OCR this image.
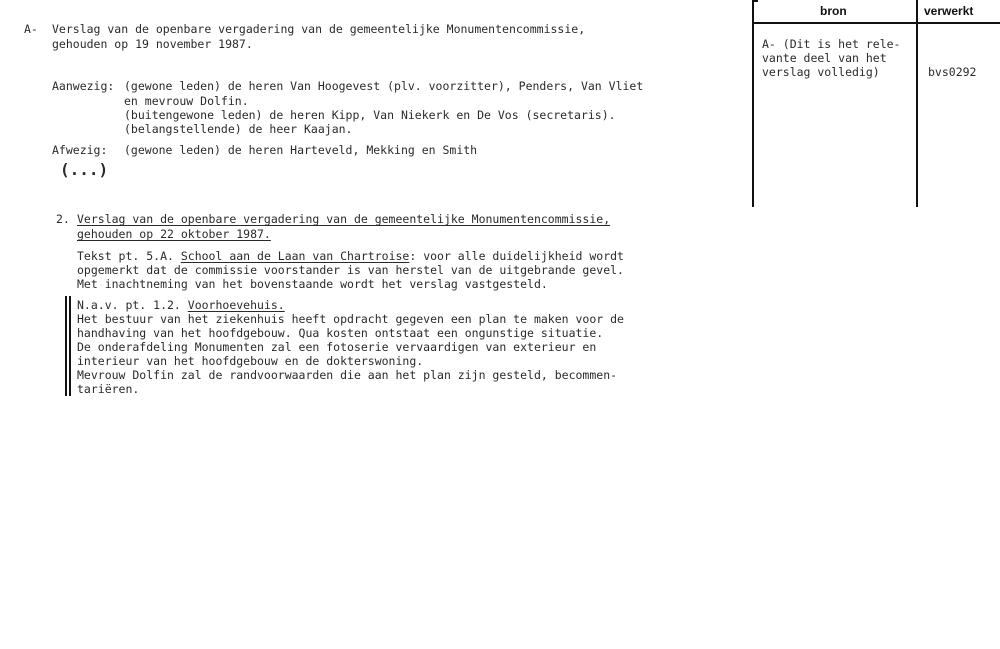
A- Verslag van de openbare vergadering van de gemeentelijke Monumentencommissie,
gehouden op 19 november 1987.
Aanwezig: (gewone leden) de heren Van Hoogevest (plv. voorzitter), Penders, Van Vliet
en mevrouw Dolfin.
(buitengewone leden) de heren Kipp, Van Niekerk en De Vos (secretaris).
(belangstellende) de heer Kaajan.
Afwezig: (gewone leden) de heren Harteveld, Mekking en Smith
(...)
2. Verslag van de openbare vergadering van de gemeentelijke Monumentencommissie,
gehouden op 22 oktober 1987.
Tekst pt. 5.A. School aan de Laan van Chartroise: voor alle duidelijkheid wordt
opgemerkt dat de commissie voorstander is van herstel van de uitgebrande gevel.
Met inachtneming van het bovenstaande wordt het verslag vastgesteld.
N.a.v. pt. 1.2. Voorhoevehuis.
Het bestuur van het ziekenhuis heeft opdracht gegeven een plan te maken voor de
handhaving van het hoofdgebouw. Qua kosten ontstaat een ongunstige situatie.
De onderafdeling Monumenten zal een fotoserie vervaardigen van exterieur en
interieur van het hoofdgebouw en de dokterswoning.
Mevrouw Dolfin zal de randvoorwaarden die aan het plan zijn gesteld, becommen-
tariëren.
bron	verwerkt
A- (Dit is het rele-
vante deel van het
verslag volledig)	bvs0292
